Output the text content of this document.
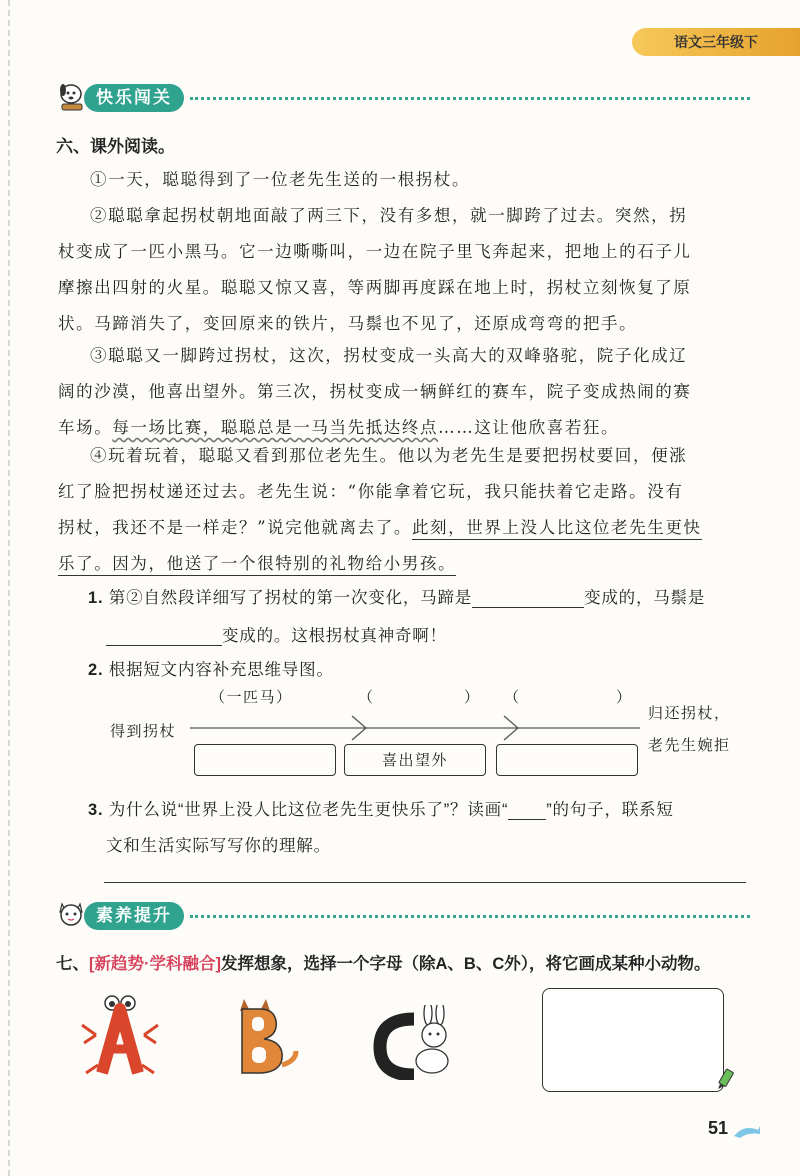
语文三年级下
快乐闯关
六、课外阅读。
①一天，聪聪得到了一位老先生送的一根拐杖。
②聪聪拿起拐杖朝地面敲了两三下，没有多想，就一脚跨了过去。突然，拐
杖变成了一匹小黑马。它一边嘶嘶叫，一边在院子里飞奔起来，把地上的石子儿
摩擦出四射的火星。聪聪又惊又喜，等两脚再度踩在地上时，拐杖立刻恢复了原
状。马蹄消失了，变回原来的铁片，马鬃也不见了，还原成弯弯的把手。
③聪聪又一脚跨过拐杖，这次，拐杖变成一头高大的双峰骆驼，院子化成辽
阔的沙漠，他喜出望外。第三次，拐杖变成一辆鲜红的赛车，院子变成热闹的赛
车场。每一场比赛，聪聪总是一马当先抵达终点……这让他欣喜若狂。
④玩着玩着，聪聪又看到那位老先生。他以为老先生是要把拐杖要回，便涨
红了脸把拐杖递还过去。老先生说：“你能拿着它玩，我只能扶着它走路。没有
拐杖，我还不是一样走？”说完他就离去了。此刻，世界上没人比这位老先生更快
乐了。因为，他送了一个很特别的礼物给小男孩。
1. 第②自然段详细写了拐杖的第一次变化，马蹄是	变成的，马鬃是
变成的。这根拐杖真神奇啊！
2. 根据短文内容补充思维导图。
（一匹马）	（	） （	）
得到拐杖
归还拐杖，
老先生婉拒
喜出望外
3. 为什么说“世界上没人比这位老先生更快乐了”？读画“ ”的句子，联系短
文和生活实际写写你的理解。
素养提升
七、[新趋势·学科融合]发挥想象，选择一个字母（除A、B、C外），将它画成某种小动物。
51
